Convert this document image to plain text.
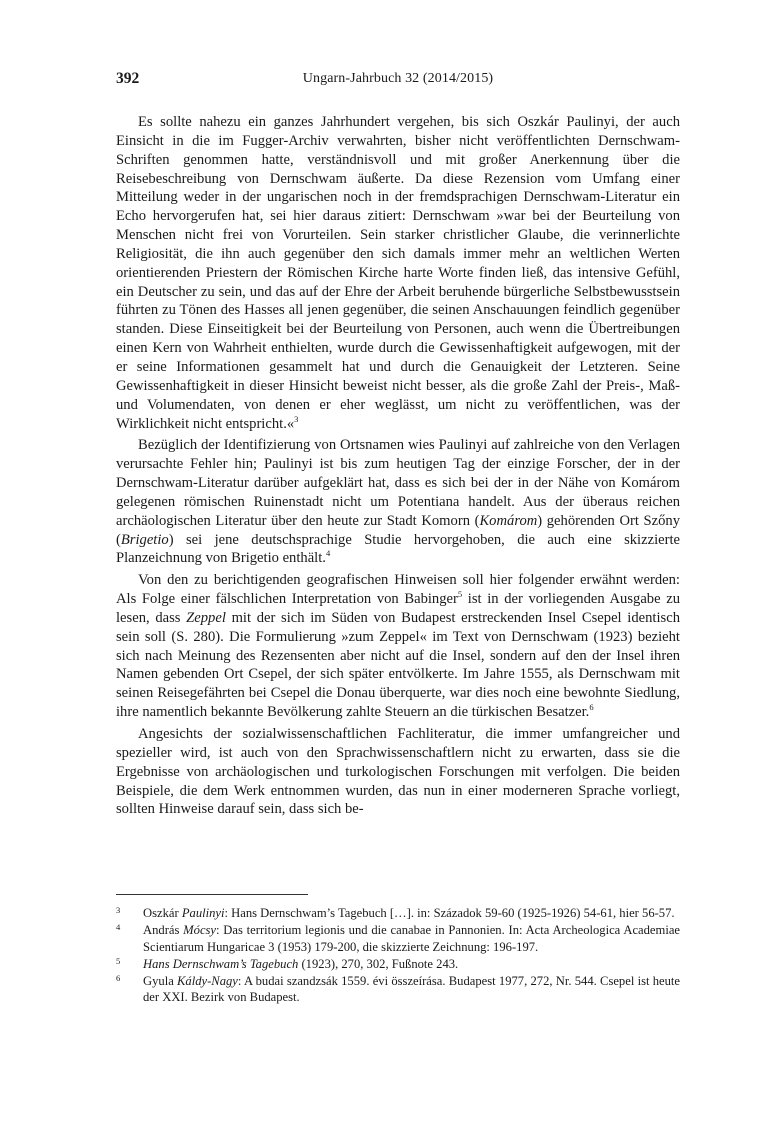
392	Ungarn-Jahrbuch 32 (2014/2015)

Es sollte nahezu ein ganzes Jahrhundert vergehen, bis sich Oszkár Paulinyi, der auch Einsicht in die im Fugger-Archiv verwahrten, bisher nicht veröffentlichten Dernschwam-Schriften genommen hatte, verständnisvoll und mit großer Anerkennung über die Reisebeschreibung von Dernschwam äußerte. Da diese Rezension vom Umfang einer Mitteilung weder in der ungarischen noch in der fremdsprachigen Dernschwam-Literatur ein Echo hervorgerufen hat, sei hier daraus zitiert: Dernschwam »war bei der Beurteilung von Menschen nicht frei von Vorurteilen. Sein starker christlicher Glaube, die verinnerlichte Religiosität, die ihn auch gegenüber den sich damals immer mehr an weltlichen Werten orientierenden Priestern der Römischen Kirche harte Worte finden ließ, das intensive Gefühl, ein Deutscher zu sein, und das auf der Ehre der Arbeit beruhende bürgerliche Selbstbewusstsein führten zu Tönen des Hasses all jenen gegenüber, die seinen Anschauungen feindlich gegenüber standen. Diese Einseitigkeit bei der Beurteilung von Personen, auch wenn die Übertreibungen einen Kern von Wahrheit enthielten, wurde durch die Gewissenhaftigkeit aufgewogen, mit der er seine Informationen gesammelt hat und durch die Genauigkeit der Letzteren. Seine Gewissenhaftigkeit in dieser Hinsicht beweist nicht besser, als die große Zahl der Preis-, Maß- und Volumendaten, von denen er eher weglässt, um nicht zu veröffentlichen, was der Wirklichkeit nicht entspricht.«$^3$

Bezüglich der Identifizierung von Ortsnamen wies Paulinyi auf zahlreiche von den Verlagen verursachte Fehler hin; Paulinyi ist bis zum heutigen Tag der einzige Forscher, der in der Dernschwam-Literatur darüber aufgeklärt hat, dass es sich bei der in der Nähe von Komárom gelegenen römischen Ruinenstadt nicht um Potentiana handelt. Aus der überaus reichen archäologischen Literatur über den heute zur Stadt Komorn (Komárom) gehörenden Ort Szőny (Brigetio) sei jene deutschsprachige Studie hervorgehoben, die auch eine skizzierte Planzeichnung von Brigetio enthält.$^4$

Von den zu berichtigenden geografischen Hinweisen soll hier folgender erwähnt werden: Als Folge einer fälschlichen Interpretation von Babinger$^5$ ist in der vorliegenden Ausgabe zu lesen, dass Zeppel mit der sich im Süden von Budapest erstreckenden Insel Csepel identisch sein soll (S. 280). Die Formulierung »zum Zeppel« im Text von Dernschwam (1923) bezieht sich nach Meinung des Rezensenten aber nicht auf die Insel, sondern auf den der Insel ihren Namen gebenden Ort Csepel, der sich später entvölkerte. Im Jahre 1555, als Dernschwam mit seinen Reisegefährten bei Csepel die Donau überquerte, war dies noch eine bewohnte Siedlung, ihre namentlich bekannte Bevölkerung zahlte Steuern an die türkischen Besatzer.$^6$

Angesichts der sozialwissenschaftlichen Fachliteratur, die immer umfangreicher und spezieller wird, ist auch von den Sprachwissenschaftlern nicht zu erwarten, dass sie die Ergebnisse von archäologischen und turkologischen Forschungen mit verfolgen. Die beiden Beispiele, die dem Werk entnommen wurden, das nun in einer moderneren Sprache vorliegt, sollten Hinweise darauf sein, dass sich be-

3 Oszkár Paulinyi: Hans Dernschwam’s Tagebuch […]. in: Századok 59-60 (1925-1926) 54-61, hier 56-57.
4 András Mócsy: Das territorium legionis und die canabae in Pannonien. In: Acta Archeologica Academiae Scientiarum Hungaricae 3 (1953) 179-200, die skizzierte Zeichnung: 196-197.
5 Hans Dernschwam’s Tagebuch (1923), 270, 302, Fußnote 243.
6 Gyula Káldy-Nagy: A budai szandzsák 1559. évi összeírása. Budapest 1977, 272, Nr. 544. Csepel ist heute der XXI. Bezirk von Budapest.
